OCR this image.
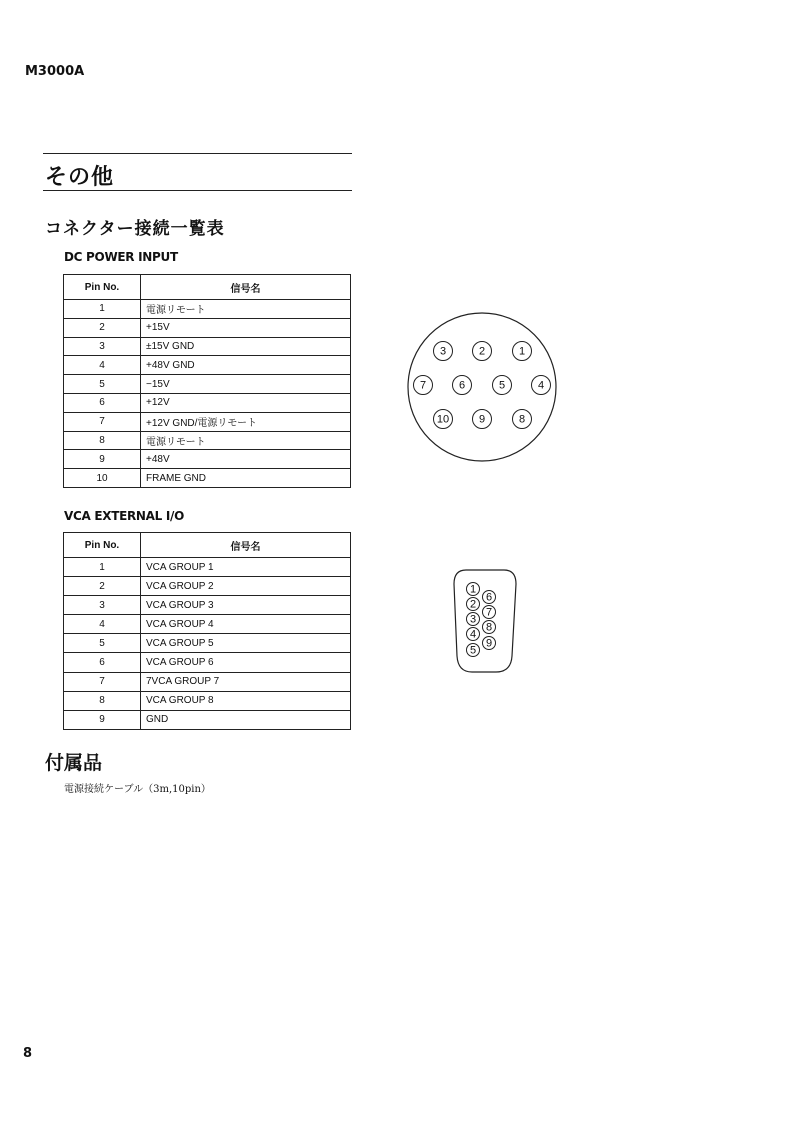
M3000A
その他
コネクター接続一覧表
DC POWER INPUT
Pin No.	信号名
1	電源リモート
2	+15V
3	±15V GND
4	+48V GND
5	−15V
6	+12V
7	+12V GND/電源リモート
8	電源リモート
9	+48V
10	FRAME GND
1
2
3
4
5
6
7
8
9
10
VCA EXTERNAL I/O
Pin No.	信号名
1	VCA GROUP 1
2	VCA GROUP 2
3	VCA GROUP 3
4	VCA GROUP 4
5	VCA GROUP 5
6	VCA GROUP 6
7	7VCA GROUP 7
8	VCA GROUP 8
9	GND
1
2
3
4
5
6
7
8
9
付属品
電源接続ケーブル（3m,10pin）
8
